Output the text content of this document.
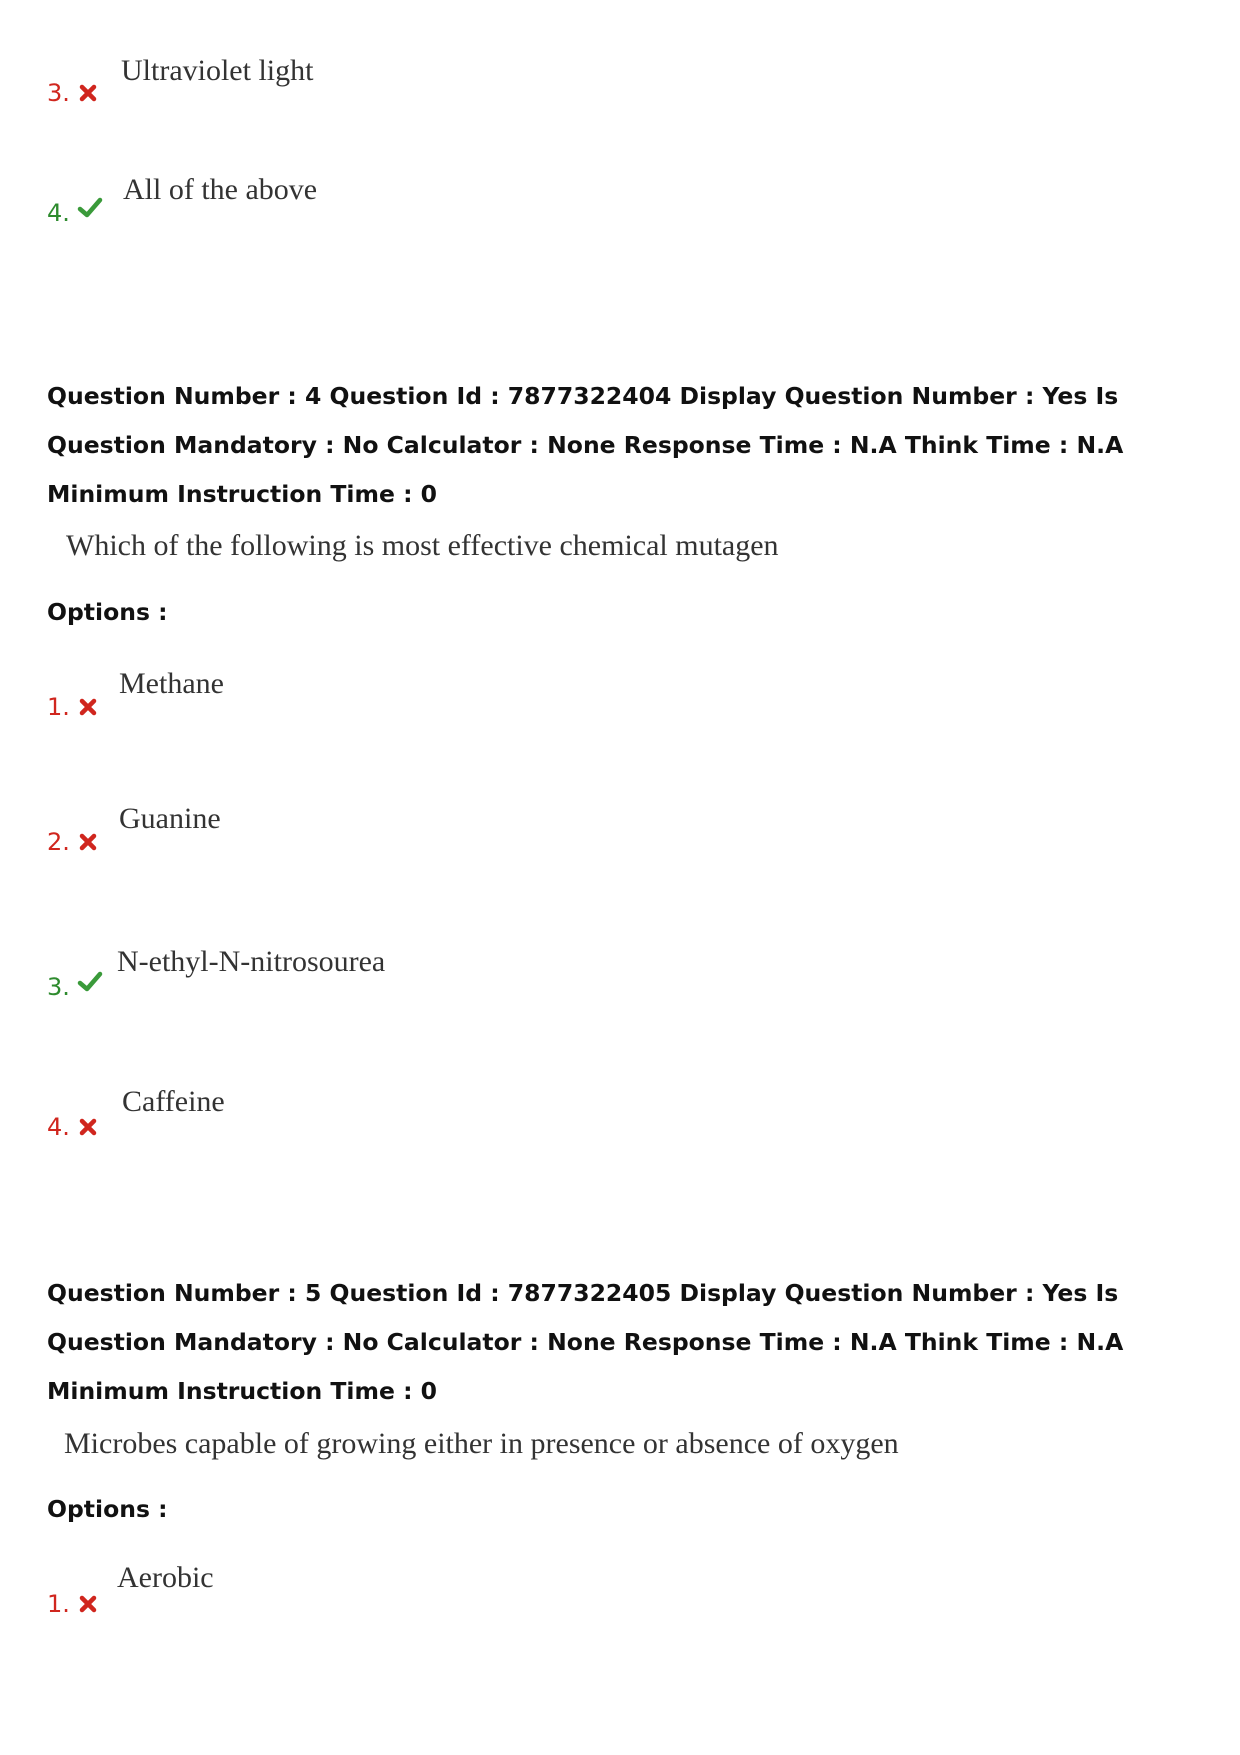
3.
Ultraviolet light
4.
All of the above
Question Number : 4 Question Id : 7877322404 Display Question Number : Yes Is Question Mandatory : No Calculator : None Response Time : N.A Think Time : N.A Minimum Instruction Time : 0
Which of the following is most effective chemical mutagen
Options :
1.
Methane
2.
Guanine
3.
N-ethyl-N-nitrosourea
4.
Caffeine
Question Number : 5 Question Id : 7877322405 Display Question Number : Yes Is Question Mandatory : No Calculator : None Response Time : N.A Think Time : N.A Minimum Instruction Time : 0
Microbes capable of growing either in presence or absence of oxygen
Options :
1.
Aerobic
